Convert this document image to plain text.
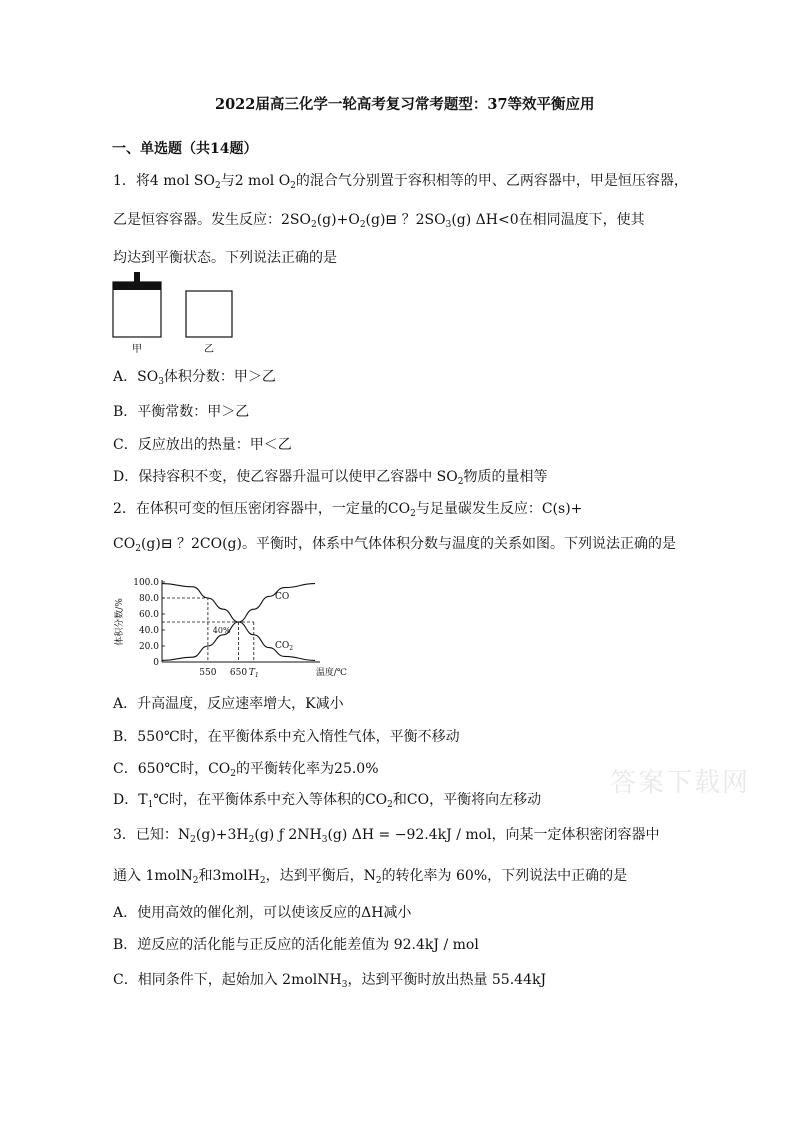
2022届高三化学一轮高考复习常考题型：37等效平衡应用
一、单选题（共14题）
1．将4 mol $SO_2$与2 mol $O_2$的混合气分别置于容积相等的甲、乙两容器中，甲是恒压容器，
乙是恒容容器。发生反应：$2SO_2(g)+O_2(g)⊟$ ？$2SO_3(g)$ ΔH<0在相同温度下，使其
均达到平衡状态。下列说法正确的是
甲	乙
A．$SO_3$体积分数：甲＞乙
B．平衡常数：甲＞乙
C．反应放出的热量：甲＜乙
D．保持容积不变，使乙容器升温可以使甲乙容器中 $SO_2$物质的量相等
2．在体积可变的恒压密闭容器中，一定量的$CO_2$与足量碳发生反应：C(s)+
$CO_2(g)⊟$ ？2CO(g)。平衡时，体系中气体体积分数与温度的关系如图。下列说法正确的是
100.0
80.0
60.0
40.0
20.0
0
体积分数/%
550 650 $T_1$	温度/℃
40%
CO
$CO_2$
A．升高温度，反应速率增大，K减小
B．550℃时，在平衡体系中充入惰性气体，平衡不移动
C．650℃时，$CO_2$的平衡转化率为25.0%
D．$T_1℃$时，在平衡体系中充入等体积的$CO_2$和CO，平衡将向左移动
答案下载网
3．已知：$N_2(g)+3H_2(g)$ ƒ $2NH_3(g) \Delta H = -92.4kJ$ / mol，向某一定体积密闭容器中
通入 1molN$_2$和3molH$_2$，达到平衡后，$N_2$的转化率为 60%，下列说法中正确的是
A．使用高效的催化剂，可以使该反应的ΔH减小
B．逆反应的活化能与正反应的活化能差值为 92.4kJ / mol
C．相同条件下，起始加入 2molNH$_3$，达到平衡时放出热量 55.44kJ
